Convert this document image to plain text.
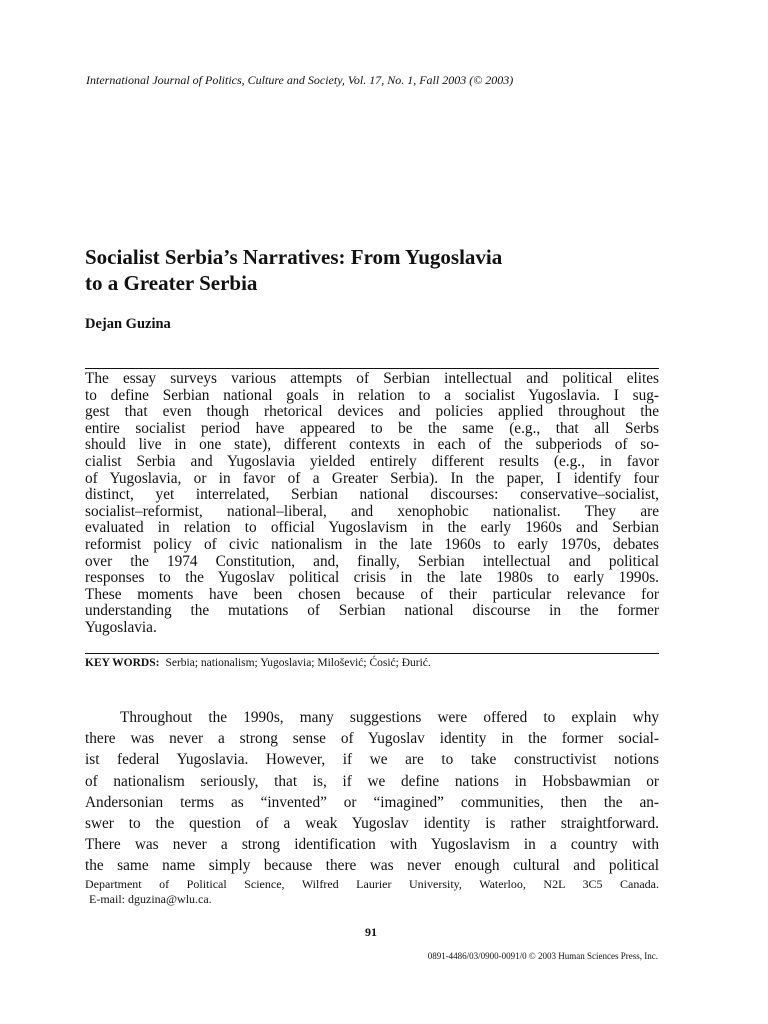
International Journal of Politics, Culture and Society, Vol. 17, No. 1, Fall 2003 (© 2003)
Socialist Serbia’s Narratives: From Yugoslavia
to a Greater Serbia
Dejan Guzina
The essay surveys various attempts of Serbian intellectual and political elites
to define Serbian national goals in relation to a socialist Yugoslavia. I sug-
gest that even though rhetorical devices and policies applied throughout the
entire socialist period have appeared to be the same (e.g., that all Serbs
should live in one state), different contexts in each of the subperiods of so-
cialist Serbia and Yugoslavia yielded entirely different results (e.g., in favor
of Yugoslavia, or in favor of a Greater Serbia). In the paper, I identify four
distinct, yet interrelated, Serbian national discourses: conservative–socialist,
socialist–reformist, national–liberal, and xenophobic nationalist. They are
evaluated in relation to official Yugoslavism in the early 1960s and Serbian
reformist policy of civic nationalism in the late 1960s to early 1970s, debates
over the 1974 Constitution, and, finally, Serbian intellectual and political
responses to the Yugoslav political crisis in the late 1980s to early 1990s.
These moments have been chosen because of their particular relevance for
understanding the mutations of Serbian national discourse in the former
Yugoslavia.
KEY WORDS: Serbia; nationalism; Yugoslavia; Milošević; Ćosić; Đurić.
Throughout the 1990s, many suggestions were offered to explain why
there was never a strong sense of Yugoslav identity in the former social-
ist federal Yugoslavia. However, if we are to take constructivist notions
of nationalism seriously, that is, if we define nations in Hobsbawmian or
Andersonian terms as “invented” or “imagined” communities, then the an-
swer to the question of a weak Yugoslav identity is rather straightforward.
There was never a strong identification with Yugoslavism in a country with
the same name simply because there was never enough cultural and political
Department of Political Science, Wilfred Laurier University, Waterloo, N2L 3C5 Canada.
E-mail: dguzina@wlu.ca.
91
0891-4486/03/0900-0091/0 © 2003 Human Sciences Press, Inc.
